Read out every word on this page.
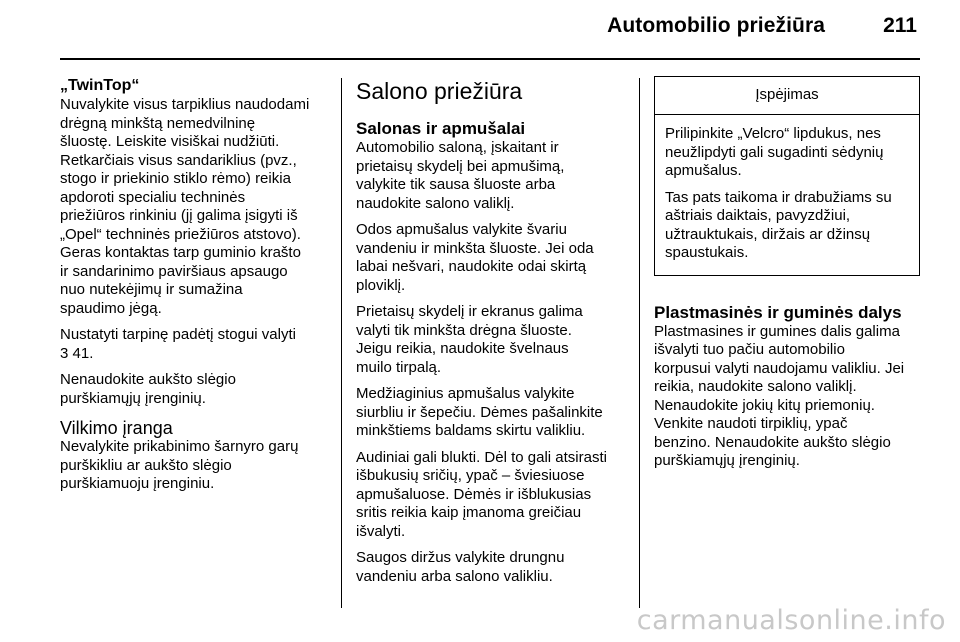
Automobilio priežiūra	211
„TwinTop“

Nuvalykite visus tarpiklius naudodami
drėgną minkštą nemedvilninę
šluostę. Leiskite visiškai nudžiūti.
Retkarčiais visus sandariklius (pvz.,
stogo ir priekinio stiklo rėmo) reikia
apdoroti specialiu techninės
priežiūros rinkiniu (jį galima įsigyti iš
„Opel“ techninės priežiūros atstovo).
Geras kontaktas tarp guminio krašto
ir sandarinimo paviršiaus apsaugo
nuo nutekėjimų ir sumažina
spaudimo jėgą.

Nustatyti tarpinę padėtį stogui valyti
3 41.

Nenaudokite aukšto slėgio
purškiamųjų įrenginių.

Vilkimo įranga

Nevalykite prikabinimo šarnyro garų
purškikliu ar aukšto slėgio
purškiamuoju įrenginiu.

Salono priežiūra
Salonas ir apmušalai

Automobilio saloną, įskaitant ir
prietaisų skydelį bei apmušimą,
valykite tik sausa šluoste arba
naudokite salono valiklį.

Odos apmušalus valykite švariu
vandeniu ir minkšta šluoste. Jei oda
labai nešvari, naudokite odai skirtą
ploviklį.

Prietaisų skydelį ir ekranus galima
valyti tik minkšta drėgna šluoste.
Jeigu reikia, naudokite švelnaus
muilo tirpalą.

Medžiaginius apmušalus valykite
siurbliu ir šepečiu. Dėmes pašalinkite
minkštiems baldams skirtu valikliu.

Audiniai gali blukti. Dėl to gali atsirasti
išbukusių sričių, ypač – šviesiuose
apmušaluose. Dėmės ir išblukusias
sritis reikia kaip įmanoma greičiau
išvalyti.

Saugos diržus valykite drungnu
vandeniu arba salono valikliu.

Įspėjimas

Prilipinkite „Velcro“ lipdukus, nes
neužlipdyti gali sugadinti sėdynių
apmušalus.

Tas pats taikoma ir drabužiams su
aštriais daiktais, pavyzdžiui,
užtrauktukais, diržais ar džinsų
spaustukais.

Plastmasinės ir guminės dalys

Plastmasines ir gumines dalis galima
išvalyti tuo pačiu automobilio
korpusui valyti naudojamu valikliu. Jei
reikia, naudokite salono valiklį.
Nenaudokite jokių kitų priemonių.
Venkite naudoti tirpiklių, ypač
benzino. Nenaudokite aukšto slėgio
purškiamųjų įrenginių.

carmanualsonline.info
